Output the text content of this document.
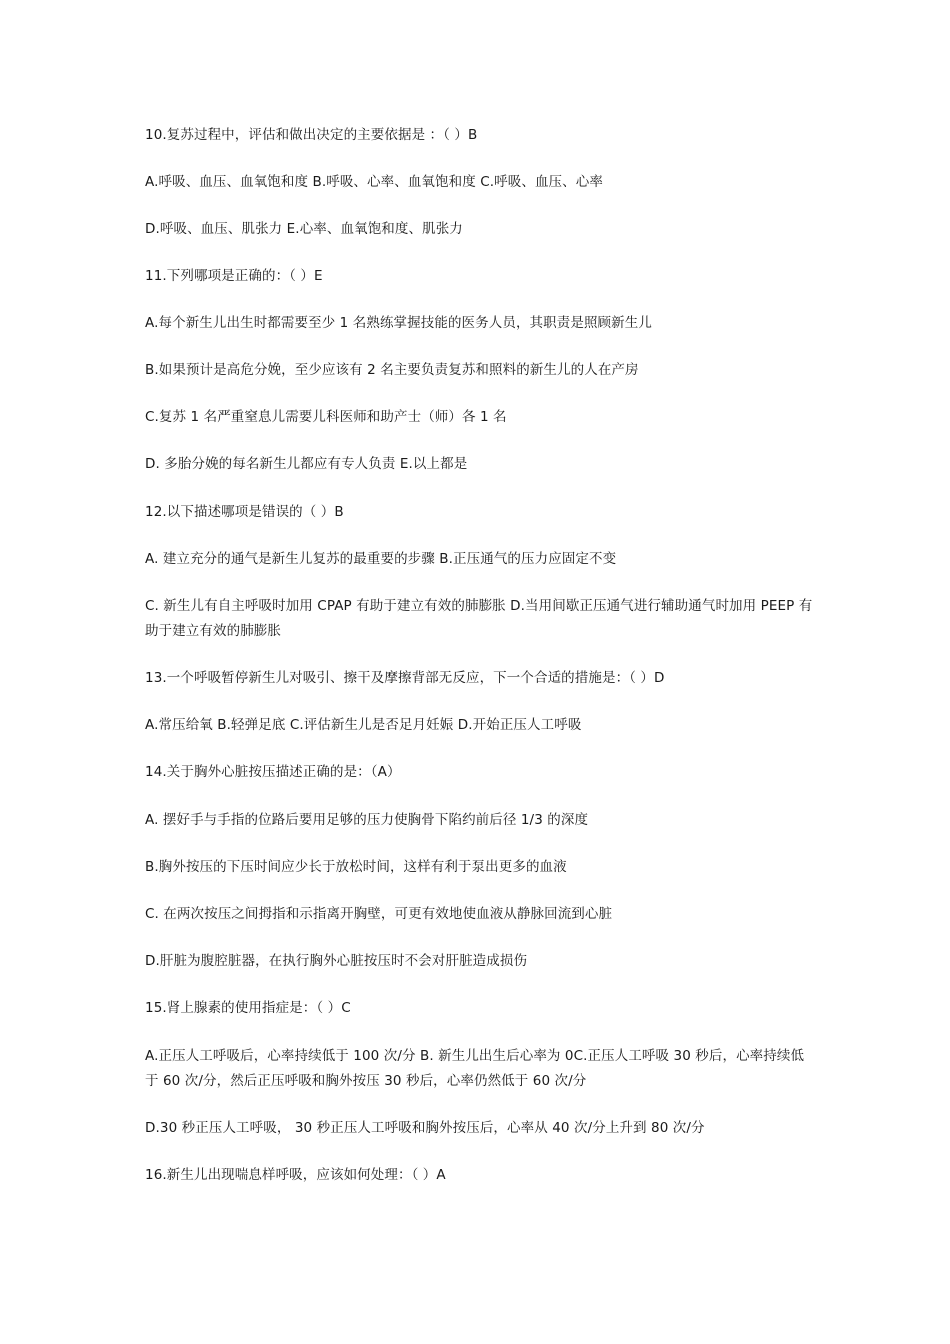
10.复苏过程中，评估和做出决定的主要依据是 ：（ ）B
A.呼吸、血压、血氧饱和度 B.呼吸、心率、血氧饱和度 C.呼吸、血压、心率
D.呼吸、血压、肌张力 E.心率、血氧饱和度、肌张力
11.下列哪项是正确的：（ ）E
A.每个新生儿出生时都需要至少 1 名熟练掌握技能的医务人员，其职责是照顾新生儿
B.如果预计是高危分娩，至少应该有 2 名主要负责复苏和照料的新生儿的人在产房
C.复苏 1 名严重窒息儿需要儿科医师和助产士（师）各 1 名
D. 多胎分娩的每名新生儿都应有专人负责 E.以上都是
12.以下描述哪项是错误的（ ）B
A. 建立充分的通气是新生儿复苏的最重要的步骤 B.正压通气的压力应固定不变
C. 新生儿有自主呼吸时加用 CPAP 有助于建立有效的肺膨胀 D.当用间歇正压通气进行辅助通气时加用 PEEP 有助于建立有效的肺膨胀
13.一个呼吸暂停新生儿对吸引、擦干及摩擦背部无反应，下一个合适的措施是：（ ）D
A.常压给氧 B.轻弹足底 C.评估新生儿是否足月妊娠 D.开始正压人工呼吸
14.关于胸外心脏按压描述正确的是：（A）
A. 摆好手与手指的位路后要用足够的压力使胸骨下陷约前后径 1/3 的深度
B.胸外按压的下压时间应少长于放松时间，这样有利于泵出更多的血液
C. 在两次按压之间拇指和示指离开胸壁，可更有效地使血液从静脉回流到心脏
D.肝脏为腹腔脏器，在执行胸外心脏按压时不会对肝脏造成损伤
15.肾上腺素的使用指症是：（ ）C
A.正压人工呼吸后，心率持续低于 100 次/分 B. 新生儿出生后心率为 0C.正压人工呼吸 30 秒后，心率持续低于 60 次/分，然后正压呼吸和胸外按压 30 秒后，心率仍然低于 60 次/分
D.30 秒正压人工呼吸， 30 秒正压人工呼吸和胸外按压后，心率从 40 次/分上升到 80 次/分
16.新生儿出现喘息样呼吸，应该如何处理：（ ）A
